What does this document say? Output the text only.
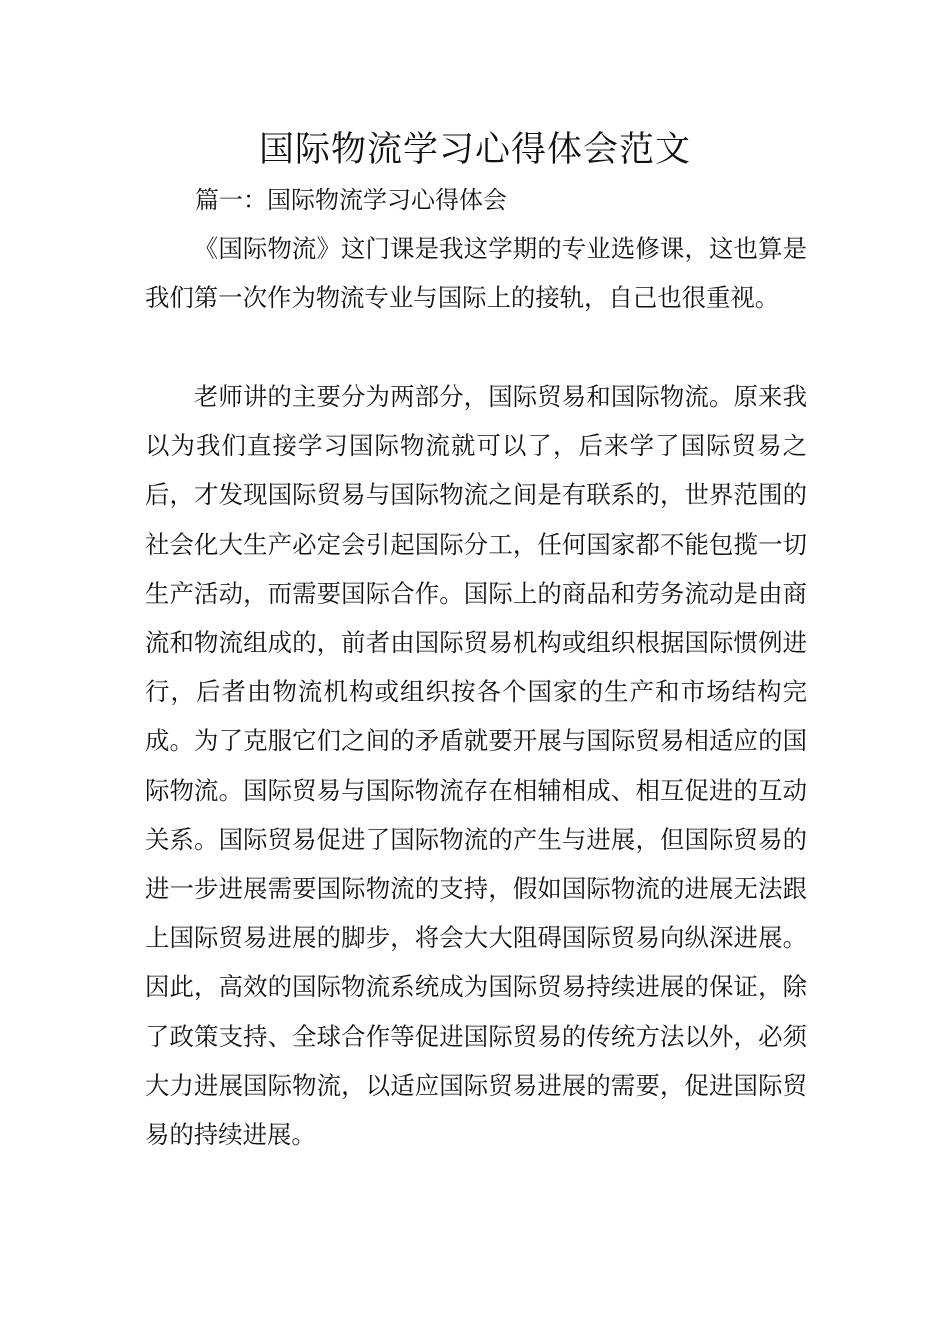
国际物流学习心得体会范文

篇一：国际物流学习心得体会

《国际物流》这门课是我这学期的专业选修课，这也算是我们第一次作为物流专业与国际上的接轨，自己也很重视。

老师讲的主要分为两部分，国际贸易和国际物流。原来我以为我们直接学习国际物流就可以了，后来学了国际贸易之后，才发现国际贸易与国际物流之间是有联系的，世界范围的社会化大生产必定会引起国际分工，任何国家都不能包揽一切生产活动，而需要国际合作。国际上的商品和劳务流动是由商流和物流组成的，前者由国际贸易机构或组织根据国际惯例进行，后者由物流机构或组织按各个国家的生产和市场结构完成。为了克服它们之间的矛盾就要开展与国际贸易相适应的国际物流。国际贸易与国际物流存在相辅相成、相互促进的互动关系。国际贸易促进了国际物流的产生与进展，但国际贸易的进一步进展需要国际物流的支持，假如国际物流的进展无法跟上国际贸易进展的脚步，将会大大阻碍国际贸易向纵深进展。因此，高效的国际物流系统成为国际贸易持续进展的保证，除了政策支持、全球合作等促进国际贸易的传统方法以外，必须大力进展国际物流，以适应国际贸易进展的需要，促进国际贸易的持续进展。
